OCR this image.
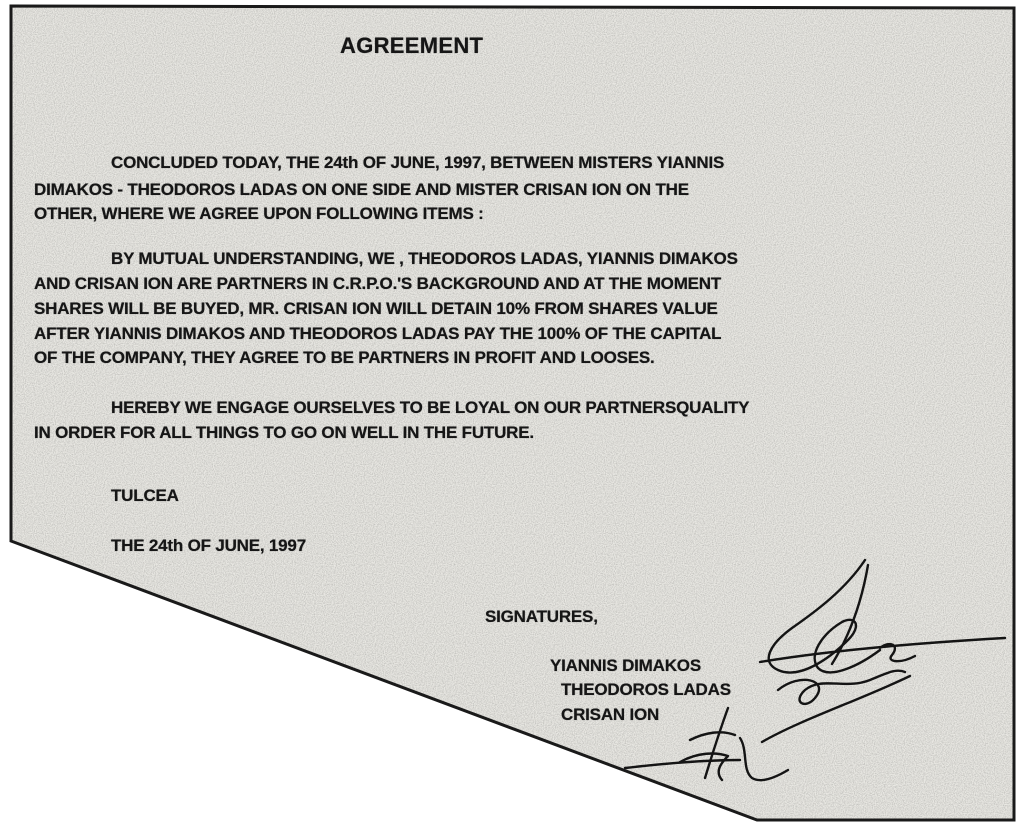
AGREEMENT
CONCLUDED TODAY, THE 24th OF JUNE, 1997, BETWEEN MISTERS YIANNIS
DIMAKOS - THEODOROS LADAS ON ONE SIDE AND MISTER CRISAN ION ON THE
OTHER, WHERE WE AGREE UPON FOLLOWING ITEMS :
BY MUTUAL UNDERSTANDING, WE , THEODOROS LADAS, YIANNIS DIMAKOS
AND CRISAN ION ARE PARTNERS IN C.R.P.O.'S BACKGROUND AND AT THE MOMENT
SHARES WILL BE BUYED, MR. CRISAN ION WILL DETAIN 10% FROM SHARES VALUE
AFTER YIANNIS DIMAKOS AND THEODOROS LADAS PAY THE 100% OF THE CAPITAL
OF THE COMPANY, THEY AGREE TO BE PARTNERS IN PROFIT AND LOOSES.
HEREBY WE ENGAGE OURSELVES TO BE LOYAL ON OUR PARTNERSQUALITY
IN ORDER FOR ALL THINGS TO GO ON WELL IN THE FUTURE.
TULCEA
THE 24th OF JUNE, 1997
SIGNATURES,
YIANNIS DIMAKOS
THEODOROS LADAS
CRISAN ION
